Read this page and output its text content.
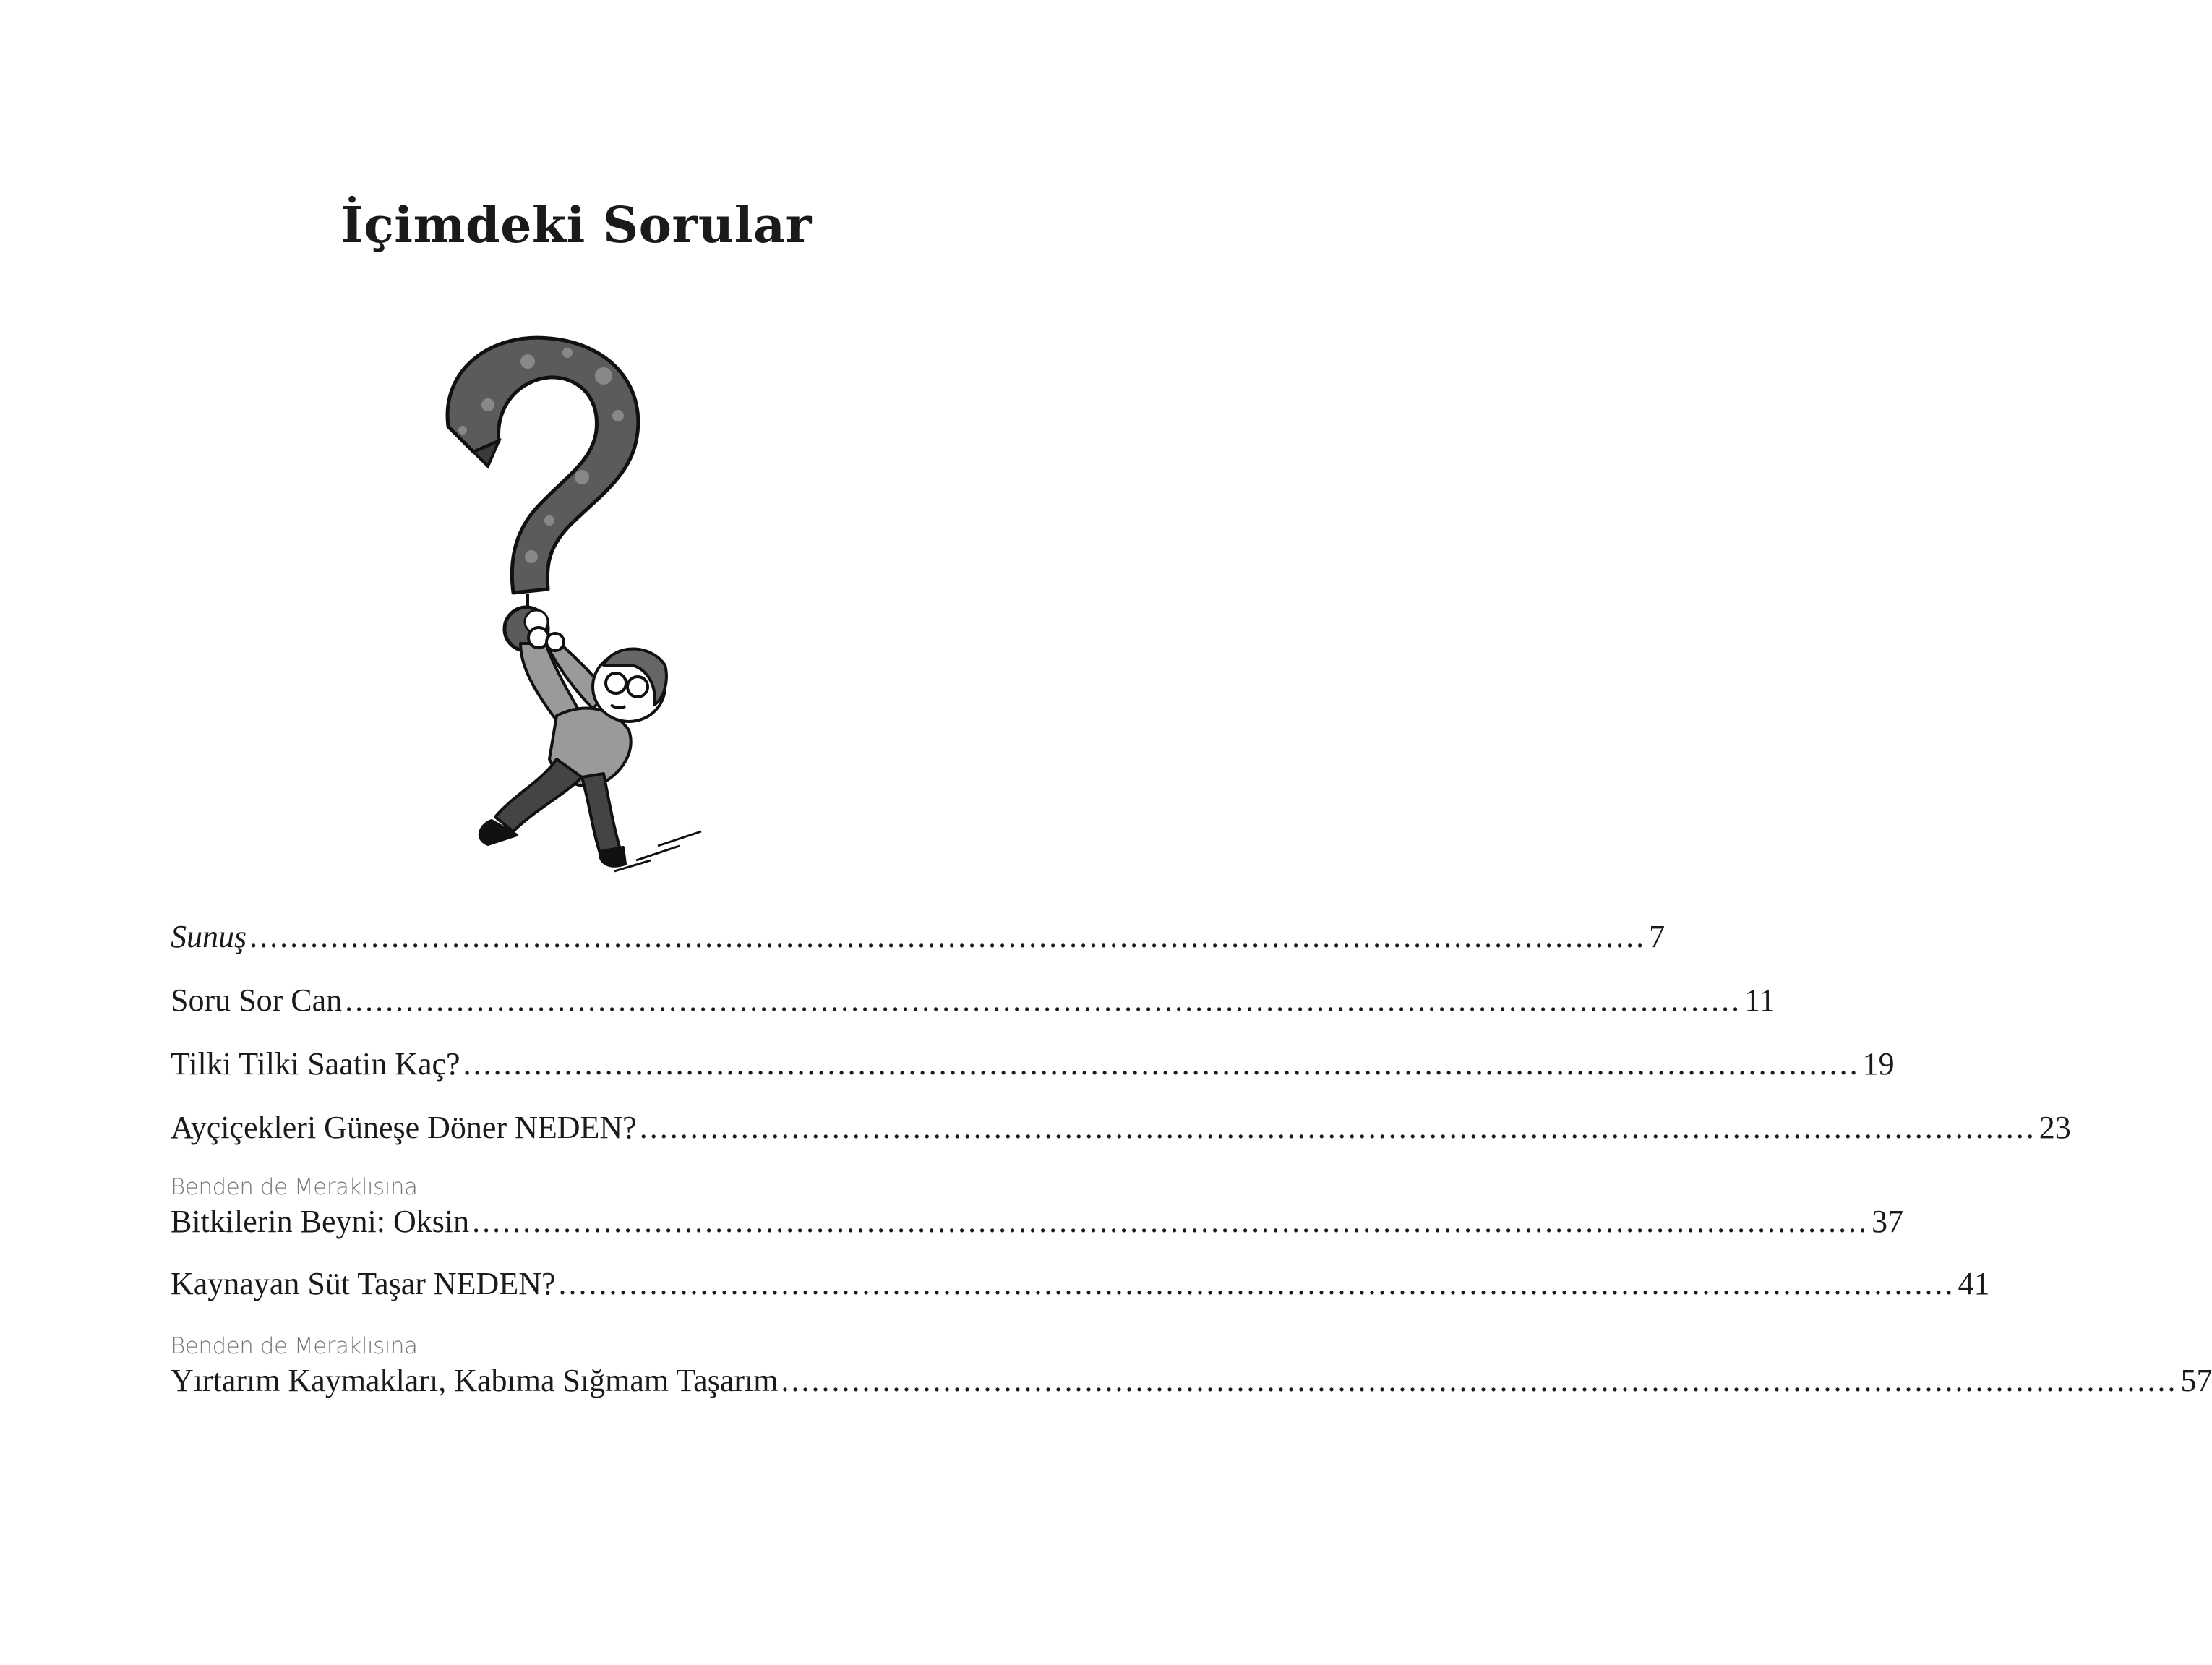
İçimdeki Sorular
Sunuş .......................................................................................................................................... 7
Soru Sor Can .......................................................................................................................................... 11
Tilki Tilki Saatin Kaç? .......................................................................................................................................... 19
Ayçiçekleri Güneşe Döner NEDEN? .......................................................................................................................................... 23
Benden de Meraklısına
Bitkilerin Beyni: Oksin .......................................................................................................................................... 37
Kaynayan Süt Taşar NEDEN? .......................................................................................................................................... 41
Benden de Meraklısına
Yırtarım Kaymakları, Kabıma Sığmam Taşarım .......................................................................................................................................... 57
